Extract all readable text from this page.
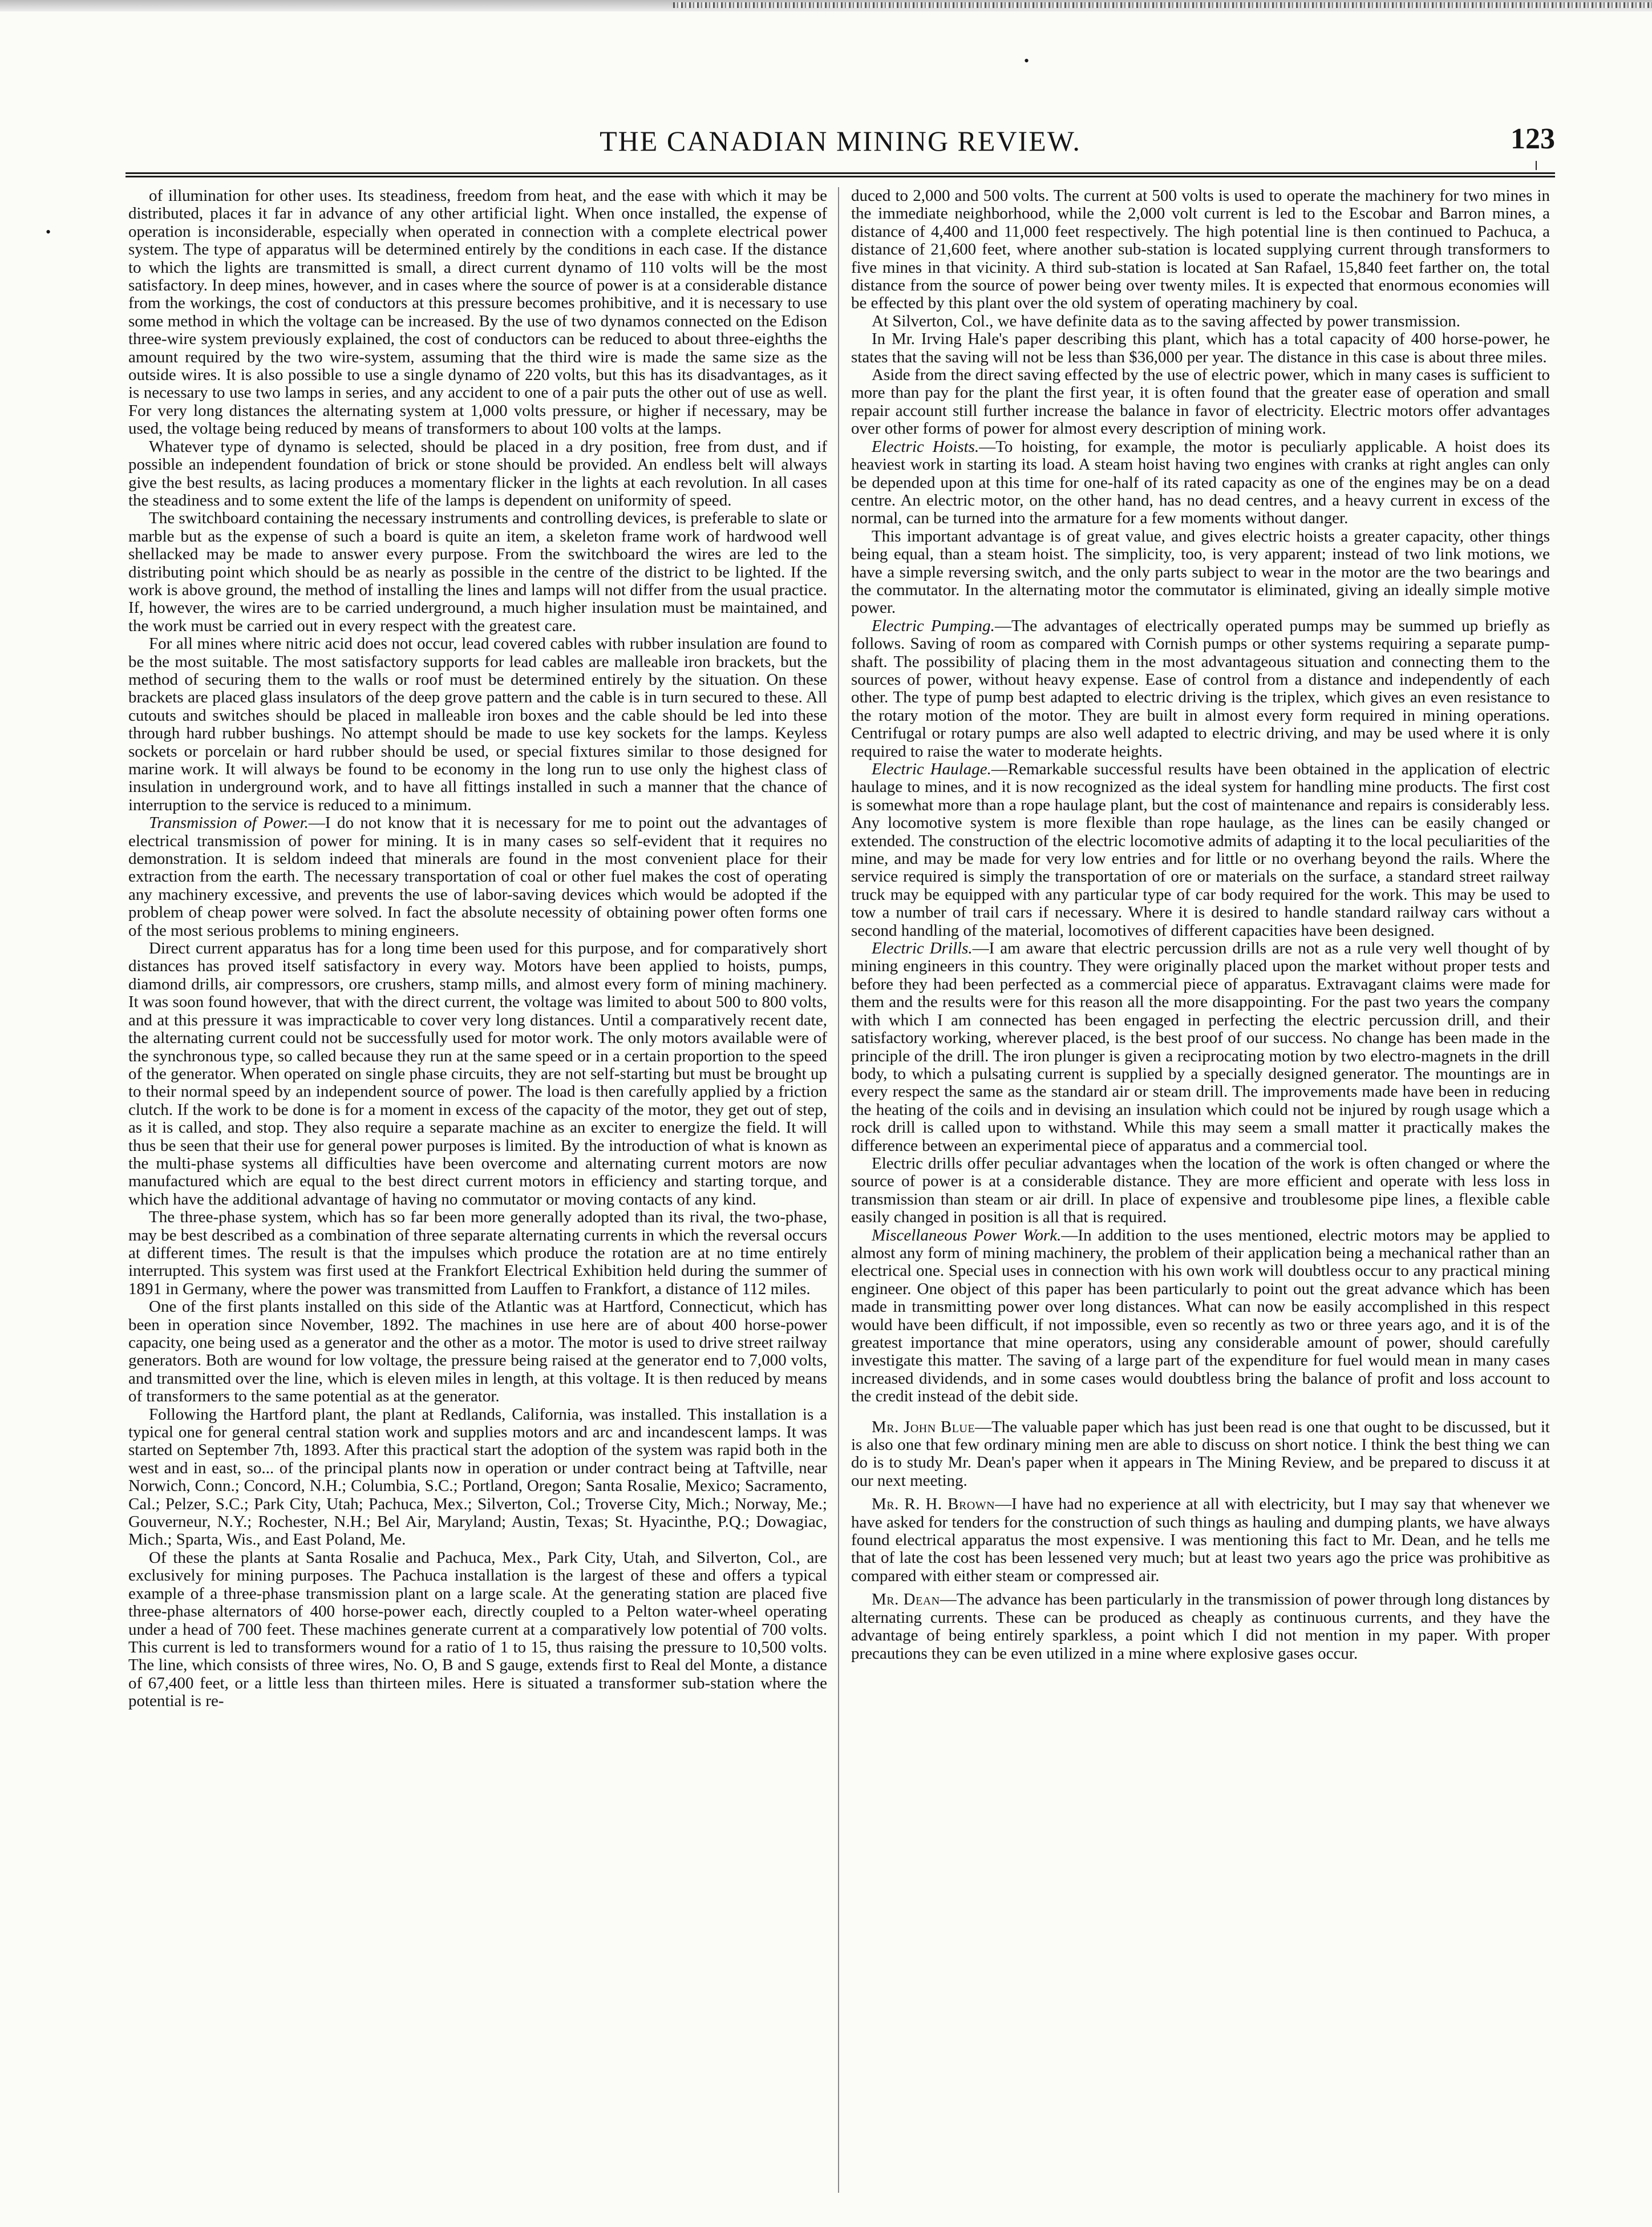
•
•
THE CANADIAN MINING REVIEW.	123

of illumination for other uses. Its steadiness, freedom from heat, and the ease with which it may be distributed, places it far in advance of any other artificial light. When once installed, the expense of operation is inconsiderable, especially when operated in connection with a complete electrical power system. The type of apparatus will be determined entirely by the conditions in each case. If the distance to which the lights are transmitted is small, a direct current dynamo of 110 volts will be the most satisfactory. In deep mines, however, and in cases where the source of power is at a considerable distance from the workings, the cost of conductors at this pressure becomes prohibitive, and it is necessary to use some method in which the voltage can be increased. By the use of two dynamos connected on the Edison three-wire system previously explained, the cost of conductors can be reduced to about three-eighths the amount required by the two wire-system, assuming that the third wire is made the same size as the outside wires. It is also possible to use a single dynamo of 220 volts, but this has its disadvantages, as it is necessary to use two lamps in series, and any accident to one of a pair puts the other out of use as well. For very long distances the alternating system at 1,000 volts pressure, or higher if necessary, may be used, the voltage being reduced by means of transformers to about 100 volts at the lamps.

Whatever type of dynamo is selected, should be placed in a dry position, free from dust, and if possible an independent foundation of brick or stone should be provided. An endless belt will always give the best results, as lacing produces a momentary flicker in the lights at each revolution. In all cases the steadiness and to some extent the life of the lamps is dependent on uniformity of speed.

The switchboard containing the necessary instruments and controlling devices, is preferable to slate or marble but as the expense of such a board is quite an item, a skeleton frame work of hardwood well shellacked may be made to answer every purpose. From the switchboard the wires are led to the distributing point which should be as nearly as possible in the centre of the district to be lighted. If the work is above ground, the method of installing the lines and lamps will not differ from the usual practice. If, however, the wires are to be carried underground, a much higher insulation must be maintained, and the work must be carried out in every respect with the greatest care.

For all mines where nitric acid does not occur, lead covered cables with rubber insulation are found to be the most suitable. The most satisfactory supports for lead cables are malleable iron brackets, but the method of securing them to the walls or roof must be determined entirely by the situation. On these brackets are placed glass insulators of the deep grove pattern and the cable is in turn secured to these. All cutouts and switches should be placed in malleable iron boxes and the cable should be led into these through hard rubber bushings. No attempt should be made to use key sockets for the lamps. Keyless sockets or porcelain or hard rubber should be used, or special fixtures similar to those designed for marine work. It will always be found to be economy in the long run to use only the highest class of insulation in underground work, and to have all fittings installed in such a manner that the chance of interruption to the service is reduced to a minimum.

Transmission of Power.—I do not know that it is necessary for me to point out the advantages of electrical transmission of power for mining. It is in many cases so self-evident that it requires no demonstration. It is seldom indeed that minerals are found in the most convenient place for their extraction from the earth. The necessary transportation of coal or other fuel makes the cost of operating any machinery excessive, and prevents the use of labor-saving devices which would be adopted if the problem of cheap power were solved. In fact the absolute necessity of obtaining power often forms one of the most serious problems to mining engineers.

Direct current apparatus has for a long time been used for this purpose, and for comparatively short distances has proved itself satisfactory in every way. Motors have been applied to hoists, pumps, diamond drills, air compressors, ore crushers, stamp mills, and almost every form of mining machinery. It was soon found however, that with the direct current, the voltage was limited to about 500 to 800 volts, and at this pressure it was impracticable to cover very long distances. Until a comparatively recent date, the alternating current could not be successfully used for motor work. The only motors available were of the synchronous type, so called because they run at the same speed or in a certain proportion to the speed of the generator. When operated on single phase circuits, they are not self-starting but must be brought up to their normal speed by an independent source of power. The load is then carefully applied by a friction clutch. If the work to be done is for a moment in excess of the capacity of the motor, they get out of step, as it is called, and stop. They also require a separate machine as an exciter to energize the field. It will thus be seen that their use for general power purposes is limited. By the introduction of what is known as the multi-phase systems all difficulties have been overcome and alternating current motors are now manufactured which are equal to the best direct current motors in efficiency and starting torque, and which have the additional advantage of having no commutator or moving contacts of any kind.

The three-phase system, which has so far been more generally adopted than its rival, the two-phase, may be best described as a combination of three separate alternating currents in which the reversal occurs at different times. The result is that the impulses which produce the rotation are at no time entirely interrupted. This system was first used at the Frankfort Electrical Exhibition held during the summer of 1891 in Germany, where the power was transmitted from Lauffen to Frankfort, a distance of 112 miles.

One of the first plants installed on this side of the Atlantic was at Hartford, Connecticut, which has been in operation since November, 1892. The machines in use here are of about 400 horse-power capacity, one being used as a generator and the other as a motor. The motor is used to drive street railway generators. Both are wound for low voltage, the pressure being raised at the generator end to 7,000 volts, and transmitted over the line, which is eleven miles in length, at this voltage. It is then reduced by means of transformers to the same potential as at the generator.

Following the Hartford plant, the plant at Redlands, California, was installed. This installation is a typical one for general central station work and supplies motors and arc and incandescent lamps. It was started on September 7th, 1893. After this practical start the adoption of the system was rapid both in the west and in east, so... of the principal plants now in operation or under contract being at Taftville, near Norwich, Conn.; Concord, N.H.; Columbia, S.C.; Portland, Oregon; Santa Rosalie, Mexico; Sacramento, Cal.; Pelzer, S.C.; Park City, Utah; Pachuca, Mex.; Silverton, Col.; Troverse City, Mich.; Norway, Me.; Gouverneur, N.Y.; Rochester, N.H.; Bel Air, Maryland; Austin, Texas; St. Hyacinthe, P.Q.; Dowagiac, Mich.; Sparta, Wis., and East Poland, Me.

Of these the plants at Santa Rosalie and Pachuca, Mex., Park City, Utah, and Silverton, Col., are exclusively for mining purposes. The Pachuca installation is the largest of these and offers a typical example of a three-phase transmission plant on a large scale. At the generating station are placed five three-phase alternators of 400 horse-power each, directly coupled to a Pelton water-wheel operating under a head of 700 feet. These machines generate current at a comparatively low potential of 700 volts. This current is led to transformers wound for a ratio of 1 to 15, thus raising the pressure to 10,500 volts. The line, which consists of three wires, No. O, B and S gauge, extends first to Real del Monte, a distance of 67,400 feet, or a little less than thirteen miles. Here is situated a transformer sub-station where the potential is re-

duced to 2,000 and 500 volts. The current at 500 volts is used to operate the machinery for two mines in the immediate neighborhood, while the 2,000 volt current is led to the Escobar and Barron mines, a distance of 4,400 and 11,000 feet respectively. The high potential line is then continued to Pachuca, a distance of 21,600 feet, where another sub-station is located supplying current through transformers to five mines in that vicinity. A third sub-station is located at San Rafael, 15,840 feet farther on, the total distance from the source of power being over twenty miles. It is expected that enormous economies will be effected by this plant over the old system of operating machinery by coal.

At Silverton, Col., we have definite data as to the saving affected by power transmission.

In Mr. Irving Hale's paper describing this plant, which has a total capacity of 400 horse-power, he states that the saving will not be less than $36,000 per year. The distance in this case is about three miles.

Aside from the direct saving effected by the use of electric power, which in many cases is sufficient to more than pay for the plant the first year, it is often found that the greater ease of operation and small repair account still further increase the balance in favor of electricity. Electric motors offer advantages over other forms of power for almost every description of mining work.

Electric Hoists.—To hoisting, for example, the motor is peculiarly applicable. A hoist does its heaviest work in starting its load. A steam hoist having two engines with cranks at right angles can only be depended upon at this time for one-half of its rated capacity as one of the engines may be on a dead centre. An electric motor, on the other hand, has no dead centres, and a heavy current in excess of the normal, can be turned into the armature for a few moments without danger.

This important advantage is of great value, and gives electric hoists a greater capacity, other things being equal, than a steam hoist. The simplicity, too, is very apparent; instead of two link motions, we have a simple reversing switch, and the only parts subject to wear in the motor are the two bearings and the commutator. In the alternating motor the commutator is eliminated, giving an ideally simple motive power.

Electric Pumping.—The advantages of electrically operated pumps may be summed up briefly as follows. Saving of room as compared with Cornish pumps or other systems requiring a separate pump-shaft. The possibility of placing them in the most advantageous situation and connecting them to the sources of power, without heavy expense. Ease of control from a distance and independently of each other. The type of pump best adapted to electric driving is the triplex, which gives an even resistance to the rotary motion of the motor. They are built in almost every form required in mining operations. Centrifugal or rotary pumps are also well adapted to electric driving, and may be used where it is only required to raise the water to moderate heights.

Electric Haulage.—Remarkable successful results have been obtained in the application of electric haulage to mines, and it is now recognized as the ideal system for handling mine products. The first cost is somewhat more than a rope haulage plant, but the cost of maintenance and repairs is considerably less. Any locomotive system is more flexible than rope haulage, as the lines can be easily changed or extended. The construction of the electric locomotive admits of adapting it to the local peculiarities of the mine, and may be made for very low entries and for little or no overhang beyond the rails. Where the service required is simply the transportation of ore or materials on the surface, a standard street railway truck may be equipped with any particular type of car body required for the work. This may be used to tow a number of trail cars if necessary. Where it is desired to handle standard railway cars without a second handling of the material, locomotives of different capacities have been designed.

Electric Drills.—I am aware that electric percussion drills are not as a rule very well thought of by mining engineers in this country. They were originally placed upon the market without proper tests and before they had been perfected as a commercial piece of apparatus. Extravagant claims were made for them and the results were for this reason all the more disappointing. For the past two years the company with which I am connected has been engaged in perfecting the electric percussion drill, and their satisfactory working, wherever placed, is the best proof of our success. No change has been made in the principle of the drill. The iron plunger is given a reciprocating motion by two electro-magnets in the drill body, to which a pulsating current is supplied by a specially designed generator. The mountings are in every respect the same as the standard air or steam drill. The improvements made have been in reducing the heating of the coils and in devising an insulation which could not be injured by rough usage which a rock drill is called upon to withstand. While this may seem a small matter it practically makes the difference between an experimental piece of apparatus and a commercial tool.

Electric drills offer peculiar advantages when the location of the work is often changed or where the source of power is at a considerable distance. They are more efficient and operate with less loss in transmission than steam or air drill. In place of expensive and troublesome pipe lines, a flexible cable easily changed in position is all that is required.

Miscellaneous Power Work.—In addition to the uses mentioned, electric motors may be applied to almost any form of mining machinery, the problem of their application being a mechanical rather than an electrical one. Special uses in connection with his own work will doubtless occur to any practical mining engineer. One object of this paper has been particularly to point out the great advance which has been made in transmitting power over long distances. What can now be easily accomplished in this respect would have been difficult, if not impossible, even so recently as two or three years ago, and it is of the greatest importance that mine operators, using any considerable amount of power, should carefully investigate this matter. The saving of a large part of the expenditure for fuel would mean in many cases increased dividends, and in some cases would doubtless bring the balance of profit and loss account to the credit instead of the debit side.

Mr. John Blue—The valuable paper which has just been read is one that ought to be discussed, but it is also one that few ordinary mining men are able to discuss on short notice. I think the best thing we can do is to study Mr. Dean's paper when it appears in The Mining Review, and be prepared to discuss it at our next meeting.

Mr. R. H. Brown—I have had no experience at all with electricity, but I may say that whenever we have asked for tenders for the construction of such things as hauling and dumping plants, we have always found electrical apparatus the most expensive. I was mentioning this fact to Mr. Dean, and he tells me that of late the cost has been lessened very much; but at least two years ago the price was prohibitive as compared with either steam or compressed air.

Mr. Dean—The advance has been particularly in the transmission of power through long distances by alternating currents. These can be produced as cheaply as continuous currents, and they have the advantage of being entirely sparkless, a point which I did not mention in my paper. With proper precautions they can be even utilized in a mine where explosive gases occur.
